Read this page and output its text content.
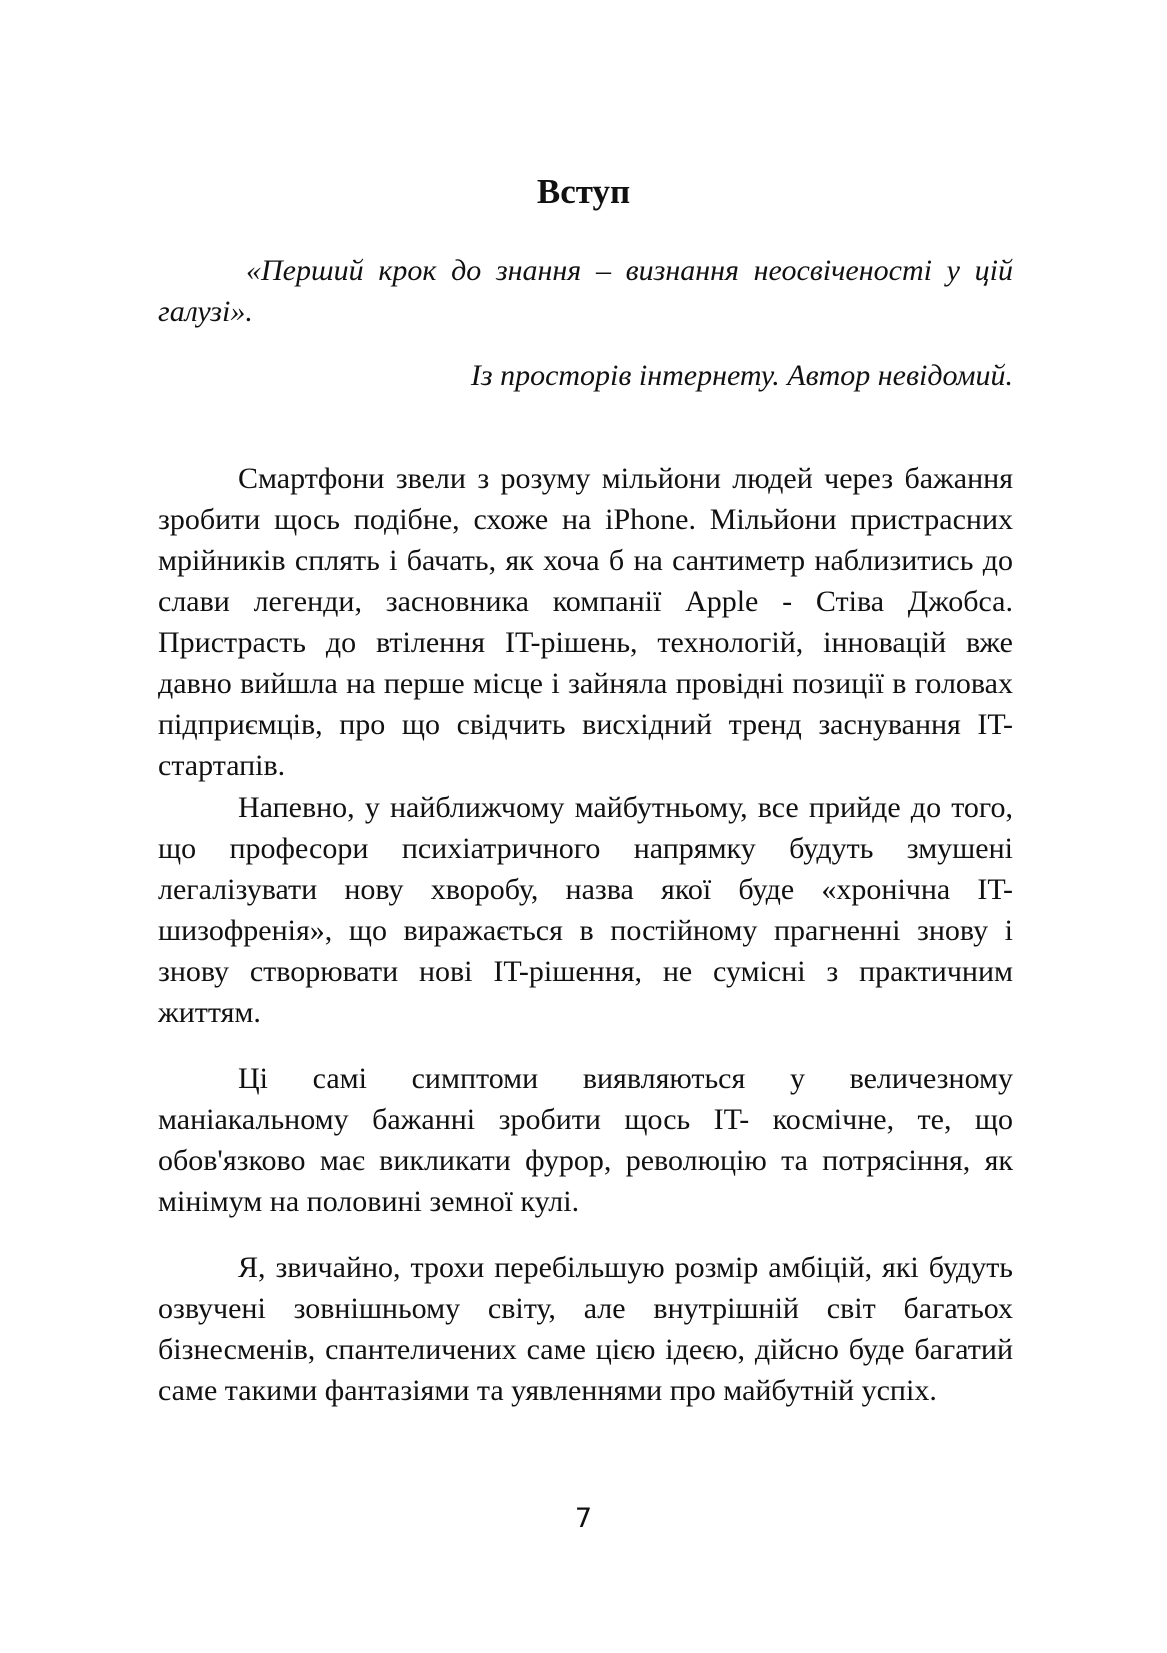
Вступ

«Перший крок до знання – визнання неосвіченості у цій галузі».

Із просторів інтернету. Автор невідомий.

Смартфони звели з розуму мільйони людей через бажання зробити щось подібне, схоже на iPhone. Мільйони пристрасних мрійників сплять і бачать, як хоча б на сантиметр наблизитись до слави легенди, засновника компанії Apple - Стіва Джобса. Пристрасть до втілення IT-рішень, технологій, інновацій вже давно вийшла на перше місце і зайняла провідні позиції в головах підприємців, про що свідчить висхідний тренд заснування IT- стартапів.

Напевно, у найближчому майбутньому, все прийде до того, що професори психіатричного напрямку будуть змушені легалізувати нову хворобу, назва якої буде «хронічна IT-шизофренія», що виражається в постійному прагненні знову і знову створювати нові IT-рішення, не сумісні з практичним життям.

Ці самі симптоми виявляються у величезному маніакальному бажанні зробити щось IT- космічне, те, що обов'язково має викликати фурор, революцію та потрясіння, як мінімум на половині земної кулі.

Я, звичайно, трохи перебільшую розмір амбіцій, які будуть озвучені зовнішньому світу, але внутрішній світ багатьох бізнесменів, спантеличених саме цією ідеєю, дійсно буде багатий саме такими фантазіями та уявленнями про майбутній успіх.

7
